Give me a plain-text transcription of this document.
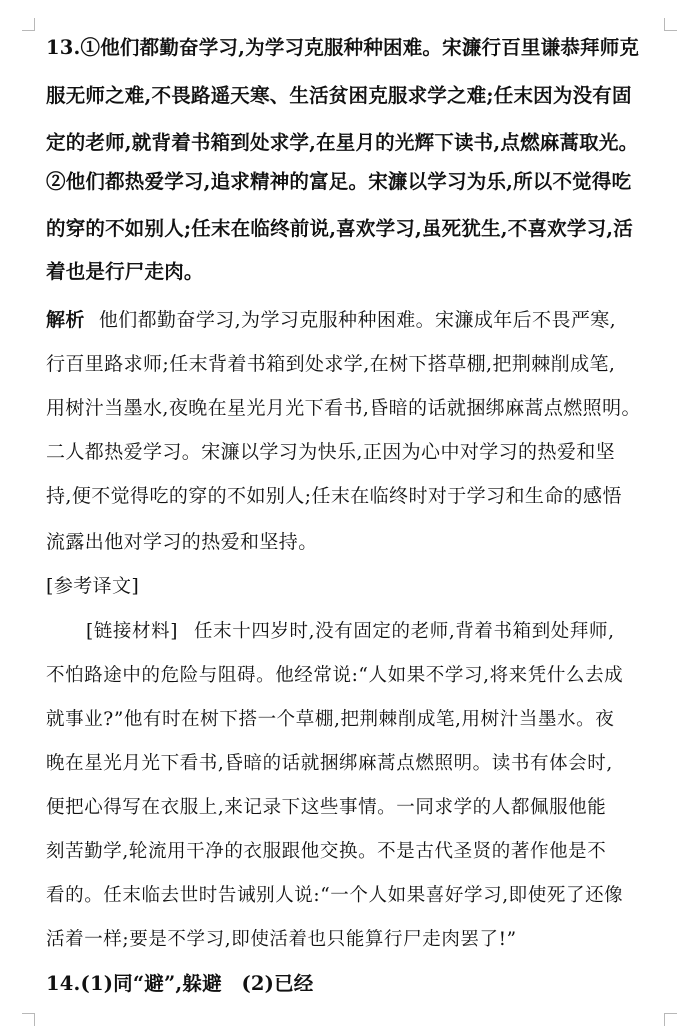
13.①他们都勤奋学习,为学习克服种种困难。宋濂行百里谦恭拜师克
服无师之难,不畏路遥天寒、生活贫困克服求学之难;任末因为没有固
定的老师,就背着书箱到处求学,在星月的光辉下读书,点燃麻蒿取光。
②他们都热爱学习,追求精神的富足。宋濂以学习为乐,所以不觉得吃
的穿的不如别人;任末在临终前说,喜欢学习,虽死犹生,不喜欢学习,活
着也是行尸走肉。
解析 他们都勤奋学习,为学习克服种种困难。宋濂成年后不畏严寒,
行百里路求师;任末背着书箱到处求学,在树下搭草棚,把荆棘削成笔,
用树汁当墨水,夜晚在星光月光下看书,昏暗的话就捆绑麻蒿点燃照明。
二人都热爱学习。宋濂以学习为快乐,正因为心中对学习的热爱和坚
持,便不觉得吃的穿的不如别人;任末在临终时对于学习和生命的感悟
流露出他对学习的热爱和坚持。
[参考译文]
[链接材料] 任末十四岁时,没有固定的老师,背着书箱到处拜师,
不怕路途中的危险与阻碍。他经常说:“人如果不学习,将来凭什么去成
就事业?”他有时在树下搭一个草棚,把荆棘削成笔,用树汁当墨水。夜
晚在星光月光下看书,昏暗的话就捆绑麻蒿点燃照明。读书有体会时,
便把心得写在衣服上,来记录下这些事情。一同求学的人都佩服他能
刻苦勤学,轮流用干净的衣服跟他交换。不是古代圣贤的著作他是不
看的。任末临去世时告诫别人说:“一个人如果喜好学习,即使死了还像
活着一样;要是不学习,即使活着也只能算行尸走肉罢了!”
14.(1)同“避”,躲避　(2)已经
